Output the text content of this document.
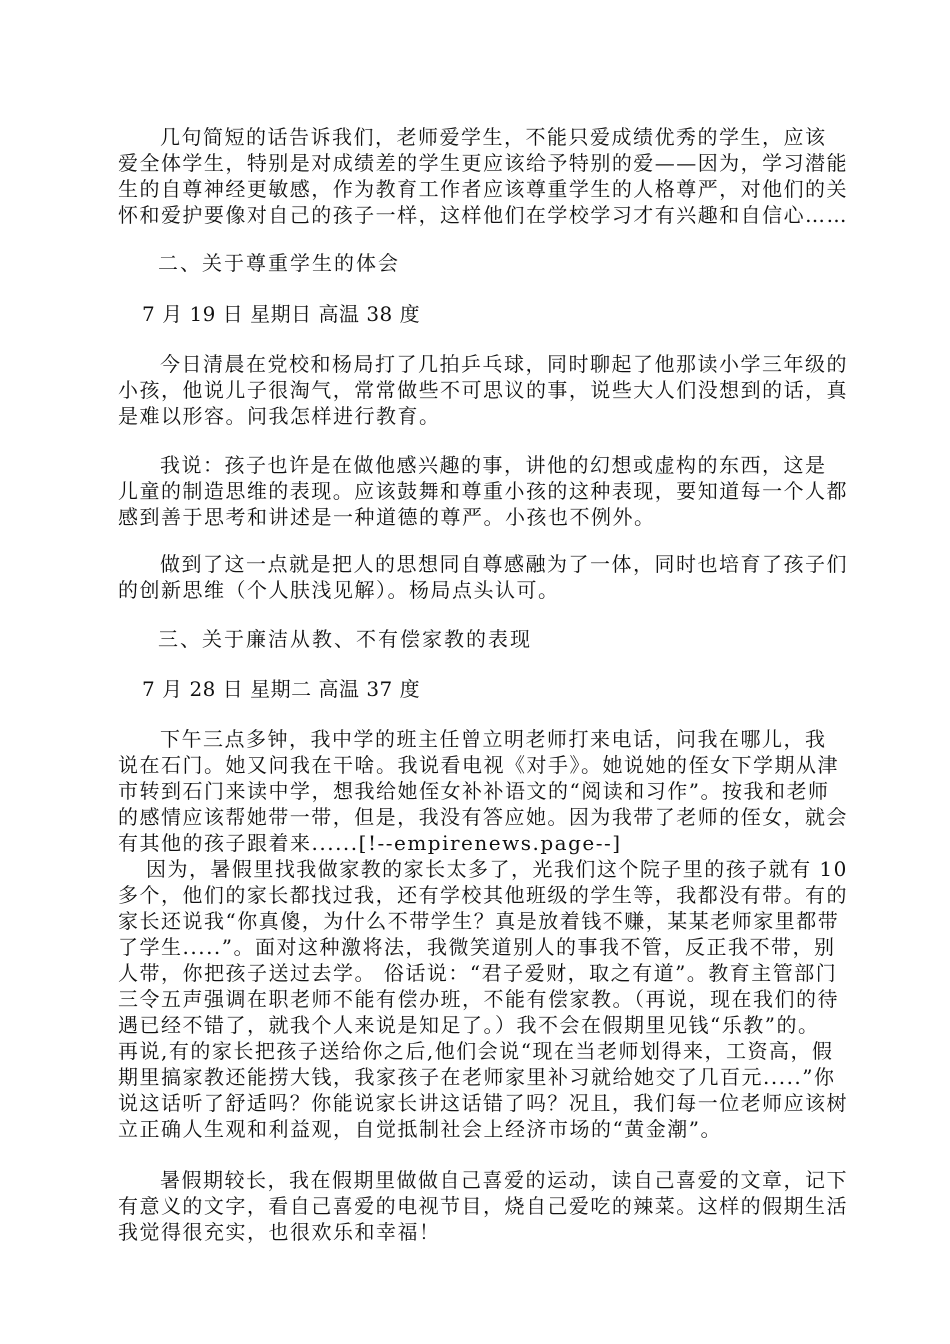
几句简短的话告诉我们，老师爱学生，不能只爱成绩优秀的学生，应该
爱全体学生，特别是对成绩差的学生更应该给予特别的爱——因为，学习潜能
生的自尊神经更敏感，作为教育工作者应该尊重学生的人格尊严，对他们的关
怀和爱护要像对自己的孩子一样，这样他们在学校学习才有兴趣和自信心……
二、关于尊重学生的体会
7 月 19 日 星期日 高温 38 度
今日清晨在党校和杨局打了几拍乒乓球，同时聊起了他那读小学三年级的
小孩，他说儿子很淘气，常常做些不可思议的事，说些大人们没想到的话，真
是难以形容。问我怎样进行教育。
我说：孩子也许是在做他感兴趣的事，讲他的幻想或虚构的东西，这是
儿童的制造思维的表现。应该鼓舞和尊重小孩的这种表现，要知道每一个人都
感到善于思考和讲述是一种道德的尊严。小孩也不例外。
做到了这一点就是把人的思想同自尊感融为了一体，同时也培育了孩子们
的创新思维（个人肤浅见解）。杨局点头认可。
三、关于廉洁从教、不有偿家教的表现
7 月 28 日 星期二 高温 37 度
下午三点多钟，我中学的班主任曾立明老师打来电话，问我在哪儿，我
说在石门。她又问我在干啥。我说看电视《对手》。她说她的侄女下学期从津
市转到石门来读中学，想我给她侄女补补语文的“阅读和习作”。按我和老师
的感情应该帮她带一带，但是，我没有答应她。因为我带了老师的侄女，就会
有其他的孩子跟着来......[!--empirenews.page--]
因为，暑假里找我做家教的家长太多了，光我们这个院子里的孩子就有 10
多个，他们的家长都找过我，还有学校其他班级的学生等，我都没有带。有的
家长还说我“你真傻，为什么不带学生？真是放着钱不赚，某某老师家里都带
了学生.....”。面对这种激将法，我微笑道别人的事我不管，反正我不带，别
人带，你把孩子送过去学。 俗话说：“君子爱财，取之有道”。教育主管部门
三令五声强调在职老师不能有偿办班，不能有偿家教。（再说，现在我们的待
遇已经不错了，就我个人来说是知足了。）我不会在假期里见钱“乐教”的。
再说,有的家长把孩子送给你之后,他们会说“现在当老师划得来，工资高，假
期里搞家教还能捞大钱，我家孩子在老师家里补习就给她交了几百元.....”你
说这话听了舒适吗？你能说家长讲这话错了吗？况且，我们每一位老师应该树
立正确人生观和利益观，自觉抵制社会上经济市场的“黄金潮”。
暑假期较长，我在假期里做做自己喜爱的运动，读自己喜爱的文章，记下
有意义的文字，看自己喜爱的电视节目，烧自己爱吃的辣菜。这样的假期生活
我觉得很充实，也很欢乐和幸福！
